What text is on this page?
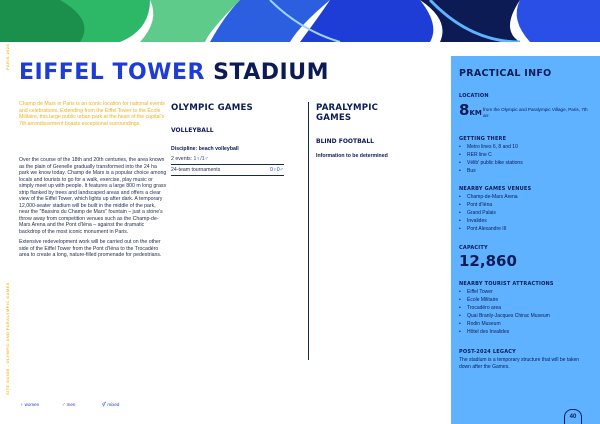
PARIS 2024
SITE GUIDE - OLYMPIC AND PARALYMPIC GAMES
EIFFEL TOWER STADIUM
Champ de Mars in Paris is an iconic location for national events and celebrations. Extending from the Eiffel Tower to the École Militaire, this large public urban park at the heart of the capital's 7th arrondissement boasts exceptional surroundings.

Over the course of the 18th and 20th centuries, the area known as the plain of Grenelle gradually transformed into the 24 ha park we know today. Champ de Mars is a popular choice among locals and tourists to go for a walk, exercise, play music or simply meet up with people. It features a large 800 m long grass strip flanked by trees and landscaped areas and offers a clear view of the Eiffel Tower, which lights up after dark. A temporary 12,000-seater stadium will be built in the middle of the park, near the "Bassins du Champ de Mars" fountain – just a stone's throw away from competition venues such as the Champ-de-Mars Arena and the Pont d'Iéna – against the dramatic backdrop of the most iconic monument in Paris.

Extensive redevelopment work will be carried out on the other side of the Eiffel Tower from the Pont d'Iéna to the Trocadéro area to create a long, nature-filled promenade for pedestrians.

OLYMPIC GAMES
VOLLEYBALL
Discipline: beach volleyball
2 events: 1♀/1♂
24-team tournaments	0♀0♂
PARALYMPIC GAMES
BLIND FOOTBALL
Information to be determined
PRACTICAL INFO
LOCATION
8KM from the Olympic and Paralympic Village, Paris, 7th arr.
GETTING THERE
• Metro lines 6, 8 and 10
• RER line C
• Vélib' public bike stations
• Bus
NEARBY GAMES VENUES
• Champ-de-Mars Arena
• Pont d'Iéna
• Grand Palais
• Invalides
• Pont Alexandre III
CAPACITY
12,860
NEARBY TOURIST ATTRACTIONS
• Eiffel Tower
• École Militaire
• Trocadéro area
• Quai Branly-Jacques Chirac Museum
• Rodin Museum
• Hôtel des Invalides
POST-2024 LEGACY
The stadium is a temporary structure that will be taken down after the Games.
♀ women	♂ men	⚥ mixed
40
